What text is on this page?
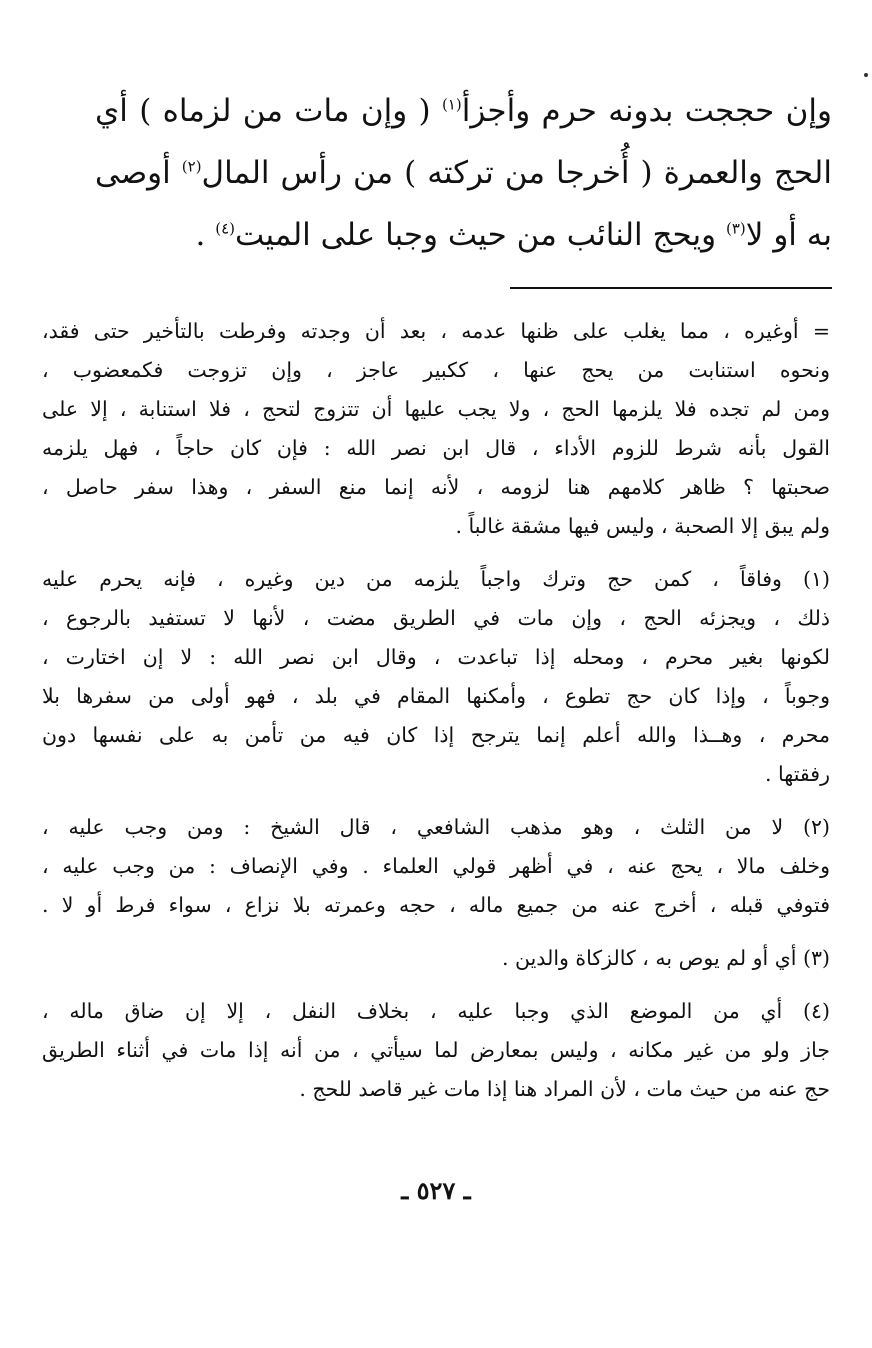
وإن حججت بدونه حرم وأجزأ$^{(١)}$ ( وإن مات من لزماه ) أي
الحج والعمرة ( أُخرجا من تركته ) من رأس المال$^{(٢)}$ أوصى
به أو لا$^{(٣)}$ ويحج النائب من حيث وجبا على الميت$^{(٤)}$ .
= أوغيره ، مما يغلب على ظنها عدمه ، بعد أن وجدته وفرطت بالتأخير حتى فقد،
ونحوه استنابت من يحج عنها ، ككبير عاجز ، وإن تزوجت فكمعضوب ،
ومن لم تجده فلا يلزمها الحج ، ولا يجب عليها أن تتزوج لتحج ، فلا استنابة ، إلا على
القول بأنه شرط للزوم الأداء ، قال ابن نصر الله : فإن كان حاجاً ، فهل يلزمه
صحبتها ؟ ظاهر كلامهم هنا لزومه ، لأنه إنما منع السفر ، وهذا سفر حاصل ،
ولم يبق إلا الصحبة ، وليس فيها مشقة غالباً .
(١) وفاقاً ، كمن حج وترك واجباً يلزمه من دين وغيره ، فإنه يحرم عليه
ذلك ، ويجزئه الحج ، وإن مات في الطريق مضت ، لأنها لا تستفيد بالرجوع ،
لكونها بغير محرم ، ومحله إذا تباعدت ، وقال ابن نصر الله : لا إن اختارت ،
وجوباً ، وإذا كان حج تطوع ، وأمكنها المقام في بلد ، فهو أولى من سفرها بلا
محرم ، وهــذا والله أعلم إنما يترجح إذا كان فيه من تأمن به على نفسها دون
رفقتها .
(٢) لا من الثلث ، وهو مذهب الشافعي ، قال الشيخ : ومن وجب عليه ،
وخلف مالا ، يحج عنه ، في أظهر قولي العلماء . وفي الإنصاف : من وجب عليه ،
فتوفي قبله ، أخرج عنه من جميع ماله ، حجه وعمرته بلا نزاع ، سواء فرط أو لا .
(٣) أي أو لم يوص به ، كالزكاة والدين .
(٤) أي من الموضع الذي وجبا عليه ، بخلاف النفل ، إلا إن ضاق ماله ،
جاز ولو من غير مكانه ، وليس بمعارض لما سيأتي ، من أنه إذا مات في أثناء الطريق
حج عنه من حيث مات ، لأن المراد هنا إذا مات غير قاصد للحج .
ـ ٥٢٧ ـ
